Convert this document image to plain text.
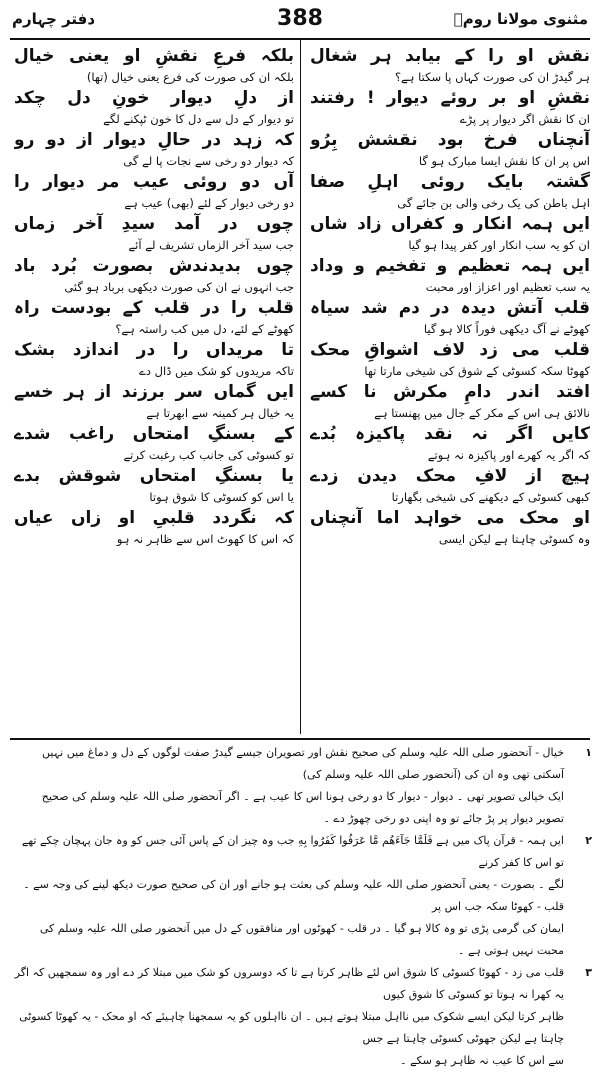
مثنوی مولانا رومؒ
388
دفتر چہارم
نقش او را کے بیابد ہر شغال
ہر گیدڑ ان کی صورت کہاں پا سکتا ہے؟
نقشِ او بر روئے دیوار ! رفتند
ان کا نقش اگر دیوار پر پڑے
آنچناں فرخ بود نقشش بِرُو
اس پر ان کا نقش ایسا مبارک ہو گا
گشتہ بایک روئی اہلِ صفا
اہل باطن کی یک رخی والی بن جائے گی
ایں ہمہ انکار و کفراں زاد شاں
ان کو یہ سب انکار اور کفر پیدا ہو گیا
ایں ہمہ تعظیم و تفخیم و وداد
یہ سب تعظیم اور اعزاز اور محبت
قلب آتش دیدہ در دم شد سیاہ
کھوٹے نے آگ دیکھی فوراً کالا ہو گیا
قلب می زد لاف اشواقِ محک
کھوٹا سکہ کسوٹی کے شوق کی شیخی مارتا تھا
افتد اندر دامِ مکرش نا کسے
نالائق ہی اس کے مکر کے جال میں پھنستا ہے
کایں اگر نہ نقد پاکیزہ بُدے
کہ اگر یہ کھرے اور پاکیزہ نہ ہوتے
ہیچ از لافِ محک دیدن زدے
کبھی کسوٹی کے دیکھنے کی شیخی بگھارتا
او محک می خواہد اما آنچناں
وہ کسوٹی چاہتا ہے لیکن ایسی
بلکہ فرعِ نقشِ او یعنی خیال
بلکہ ان کی صورت کی فرع یعنی خیال (تھا)
از دلِ دیوار خونِ دل چکد
تو دیوار کے دل سے دل کا خون ٹپکنے لگے
کہ زہد در حالِ دیوار از دو رو
کہ دیوار دو رخی سے نجات پا لے گی
آں دو روئی عیب مر دیوار را
دو رخی دیوار کے لئے (بھی) عیب ہے
چوں در آمد سیدِ آخر زماں
جب سید آخر الزماں تشریف لے آئے
چوں بدیدندش بصورت بُرد باد
جب انہوں نے ان کی صورت دیکھی برباد ہو گئی
قلب را در قلب کے بودست راہ
کھوٹے کے لئے، دل میں کب راستہ ہے؟
تا مریداں را در اندازد بشک
تاکہ مریدوں کو شک میں ڈال دے
ایں گماں سر برزند از ہر خسے
یہ خیال ہر کمینہ سے ابھرتا ہے
کے بسنگِ امتحاں راغب شدے
تو کسوٹی کی جانب کب رغبت کرتے
یا بسنگِ امتحاں شوقش بدے
یا اس کو کسوٹی کا شوق ہوتا
کہ نگردد قلبیِ او زاں عیاں
کہ اس کا کھوٹ اس سے ظاہر نہ ہو
۱
خیال - آنحضور صلی اللہ علیہ وسلم کی صحیح نقش اور تصویران جیسے گیدڑ صفت لوگوں کے دل و دماغ میں نہیں آسکتی تھی وہ ان کی (آنحضور صلی اللہ علیہ وسلم کی)
ایک خیالی تصویر تھی ۔ دیوار - دیوار کا دو رخی ہونا اس کا عیب ہے ۔ اگر آنحضور صلی اللہ علیہ وسلم کی صحیح تصویر دیوار پر پڑ جائے تو وہ اپنی دو رخی چھوڑ دے ۔
۲
ایں ہمہ - قرآن پاک میں ہے فَلَمَّا جَآءَهُم مَّا عَرَفُوا كَفَرُوا بِهِ جب وہ چیز ان کے پاس آئی جس کو وہ جان پہچان چکے تھے تو اس کا کفر کرنے
لگے ۔ بصورت - یعنی آنحضور صلی اللہ علیہ وسلم کی بعثت ہو جانے اور ان کی صحیح صورت دیکھ لینے کی وجہ سے ۔ قلب - کھوٹا سکہ جب اس پر
ایمان کی گرمی پڑی تو وہ کالا ہو گیا ۔ در قلب - کھوٹوں اور منافقوں کے دل میں آنحضور صلی اللہ علیہ وسلم کی محبت نہیں ہوتی ہے ۔
۳
قلب می زد - کھوٹا کسوٹی کا شوق اس لئے ظاہر کرتا ہے تا کہ دوسروں کو شک میں مبتلا کر دے اور وہ سمجھیں کہ اگر یہ کھرا نہ ہوتا تو کسوٹی کا شوق کیوں
ظاہر کرتا لیکن ایسے شکوک میں نااہل مبتلا ہوتے ہیں ۔ ان نااہلوں کو یہ سمجھنا چاہیئے کہ او محک - یہ کھوٹا کسوٹی چاہتا ہے لیکن جھوٹی کسوٹی چاہتا ہے جس
سے اس کا عیب نہ ظاہر ہو سکے ۔
